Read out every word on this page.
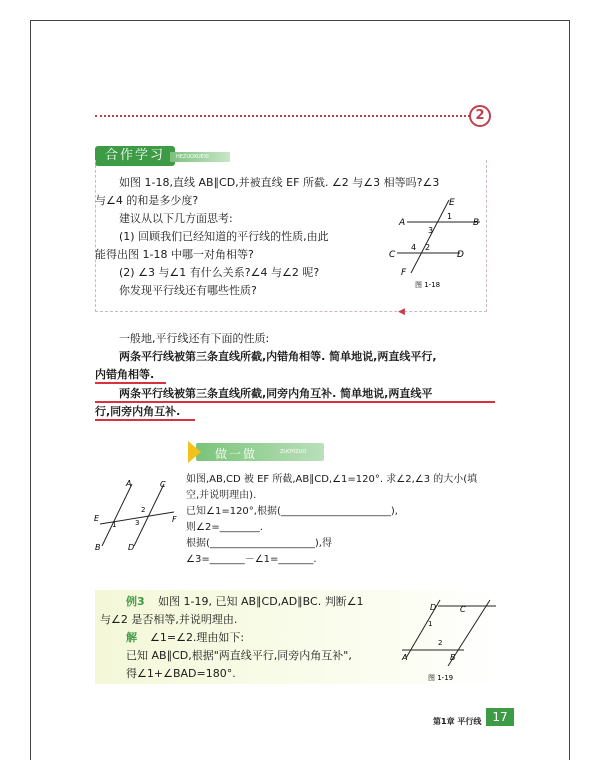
2
合作学习	HEZUOXUEXI
◀
如图 1-18,直线 AB∥CD,并被直线 EF 所截. ∠2 与∠3 相等吗?∠3
与∠4 的和是多少度?
建议从以下几方面思考:
(1) 回顾我们已经知道的平行线的性质,由此
能得出图 1-18 中哪一对角相等?
(2) ∠3 与∠1 有什么关系?∠4 与∠2 呢?
你发现平行线还有哪些性质?
A	B
C	D
E
F
1
3
4 2
图 1-18
一般地,平行线还有下面的性质:
两条平行线被第三条直线所截,内错角相等. 简单地说,两直线平行,
内错角相等.
两条平行线被第三条直线所截,同旁内角互补. 简单地说,两直线平
行,同旁内角互补.
做一做	ZUOYIZUO
A	C
B	D
E	F
1
2
3
如图,AB,CD 被 EF 所截,AB∥CD,∠1=120°. 求∠2,∠3 的大小(填
空,并说明理由).
已知∠1=120°,根据(______________________),
则∠2=________.
根据(_____________________),得
∠3=_______－∠1=_______.
例3 如图 1-19, 已知 AB∥CD,AD∥BC. 判断∠1
与∠2 是否相等,并说明理由.
解 ∠1=∠2.理由如下:
已知 AB∥CD,根据"两直线平行,同旁内角互补",
得∠1+∠BAD=180°.
D	C
A	B
1
2
图 1-19
第1章 平行线 17
